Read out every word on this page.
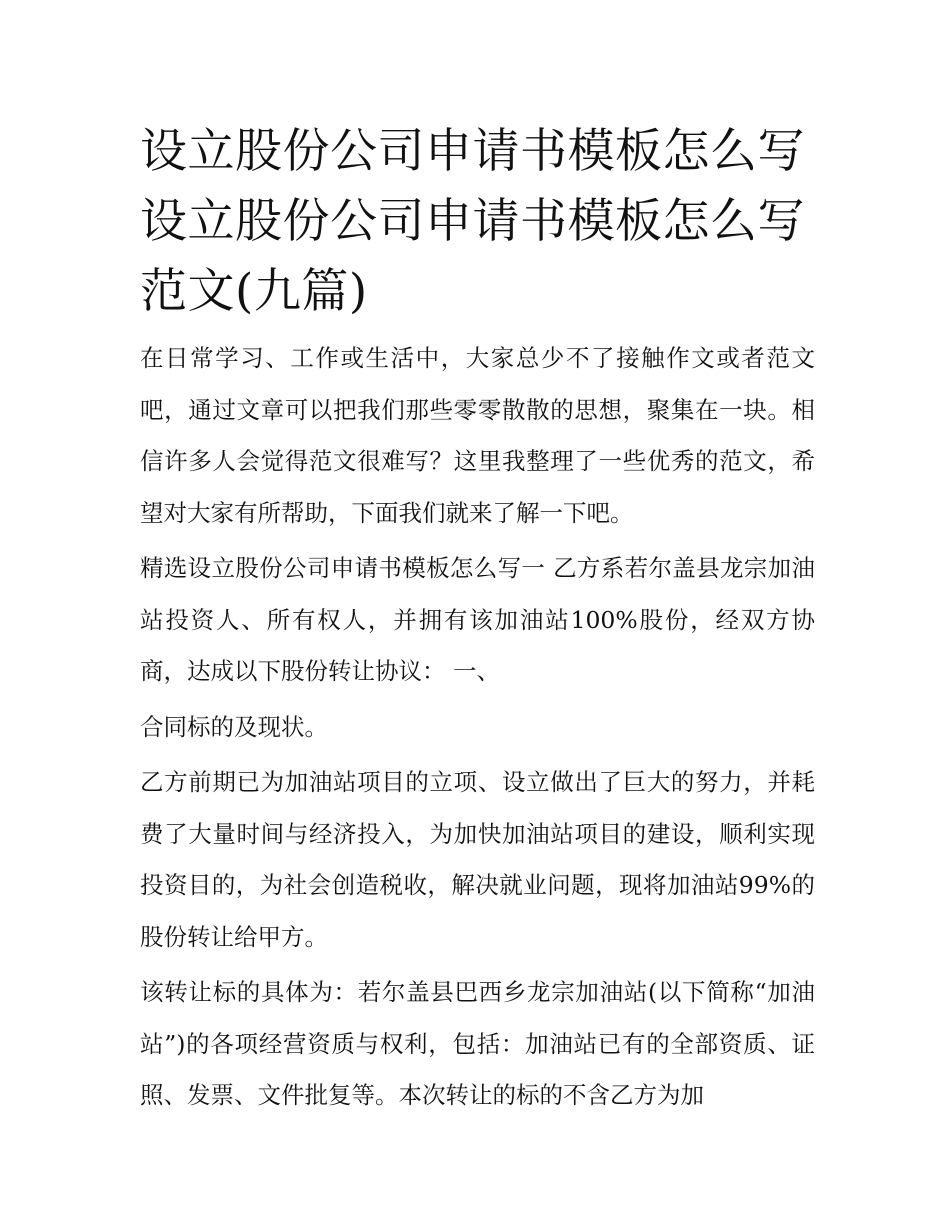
设立股份公司申请书模板怎么写 设立股份公司申请书模板怎么写范文(九篇)

在日常学习、工作或生活中，大家总少不了接触作文或者范文吧，通过文章可以把我们那些零零散散的思想，聚集在一块。相信许多人会觉得范文很难写？这里我整理了一些优秀的范文，希望对大家有所帮助，下面我们就来了解一下吧。

精选设立股份公司申请书模板怎么写一 乙方系若尔盖县龙宗加油站投资人、所有权人，并拥有该加油站100%股份，经双方协商，达成以下股份转让协议： 一、

合同标的及现状。

乙方前期已为加油站项目的立项、设立做出了巨大的努力，并耗费了大量时间与经济投入，为加快加油站项目的建设，顺利实现投资目的，为社会创造税收，解决就业问题，现将加油站99%的股份转让给甲方。

该转让标的具体为：若尔盖县巴西乡龙宗加油站(以下简称“加油站”)的各项经营资质与权利，包括：加油站已有的全部资质、证照、发票、文件批复等。本次转让的标的不含乙方为加
